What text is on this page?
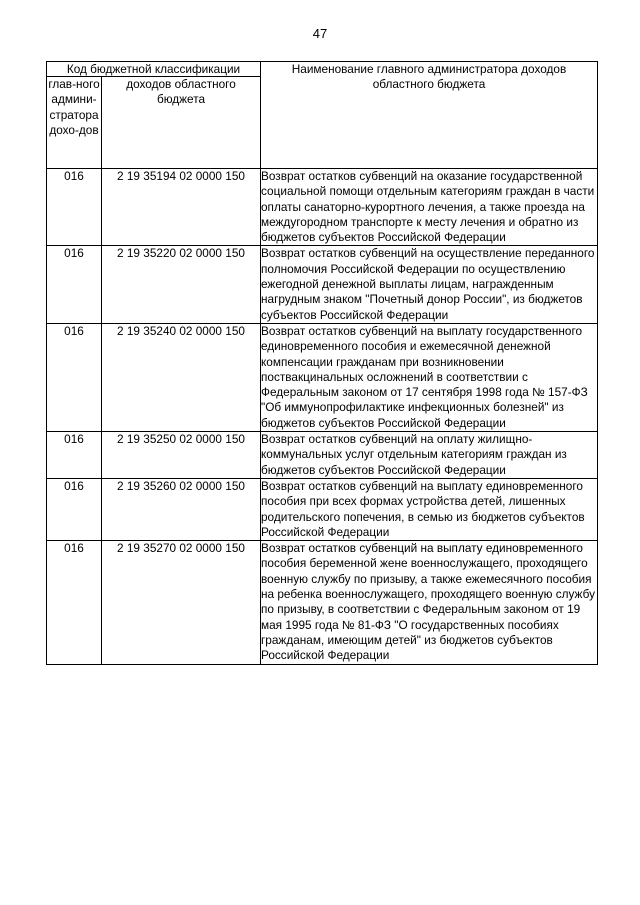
47
Код бюджетной классификации		Наименование главного администратора доходов областного бюджета

глав-ного админи-стратора дохо-дов	доходов областного бюджета	
016	2 19 35194 02 0000 150	Возврат остатков субвенций на оказание государственной социальной помощи отдельным категориям граждан в части оплаты санаторно-курортного лечения, а также проезда на междугородном транспорте к месту лечения и обратно из бюджетов субъектов Российской Федерации
016	2 19 35220 02 0000 150	Возврат остатков субвенций на осуществление переданного полномочия Российской Федерации по осуществлению ежегодной денежной выплаты лицам, награжденным нагрудным знаком "Почетный донор России", из бюджетов субъектов Российской Федерации
016	2 19 35240 02 0000 150	Возврат остатков субвенций на выплату государственного единовременного пособия и ежемесячной денежной компенсации гражданам при возникновении поствакцинальных осложнений в соответствии с Федеральным законом от 17 сентября 1998 года № 157-ФЗ "Об иммунопрофилактике инфекционных болезней" из бюджетов субъектов Российской Федерации
016	2 19 35250 02 0000 150	Возврат остатков субвенций на оплату жилищно-коммунальных услуг отдельным категориям граждан из бюджетов субъектов Российской Федерации
016	2 19 35260 02 0000 150	Возврат остатков субвенций на выплату единовременного пособия при всех формах устройства детей, лишенных родительского попечения, в семью из бюджетов субъектов Российской Федерации
016	2 19 35270 02 0000 150	Возврат остатков субвенций на выплату единовременного пособия беременной жене военнослужащего, проходящего военную службу по призыву, а также ежемесячного пособия на ребенка военнослужащего, проходящего военную службу по призыву, в соответствии с Федеральным законом от 19 мая 1995 года № 81-ФЗ "О государственных пособиях гражданам, имеющим детей" из бюджетов субъектов Российской Федерации
